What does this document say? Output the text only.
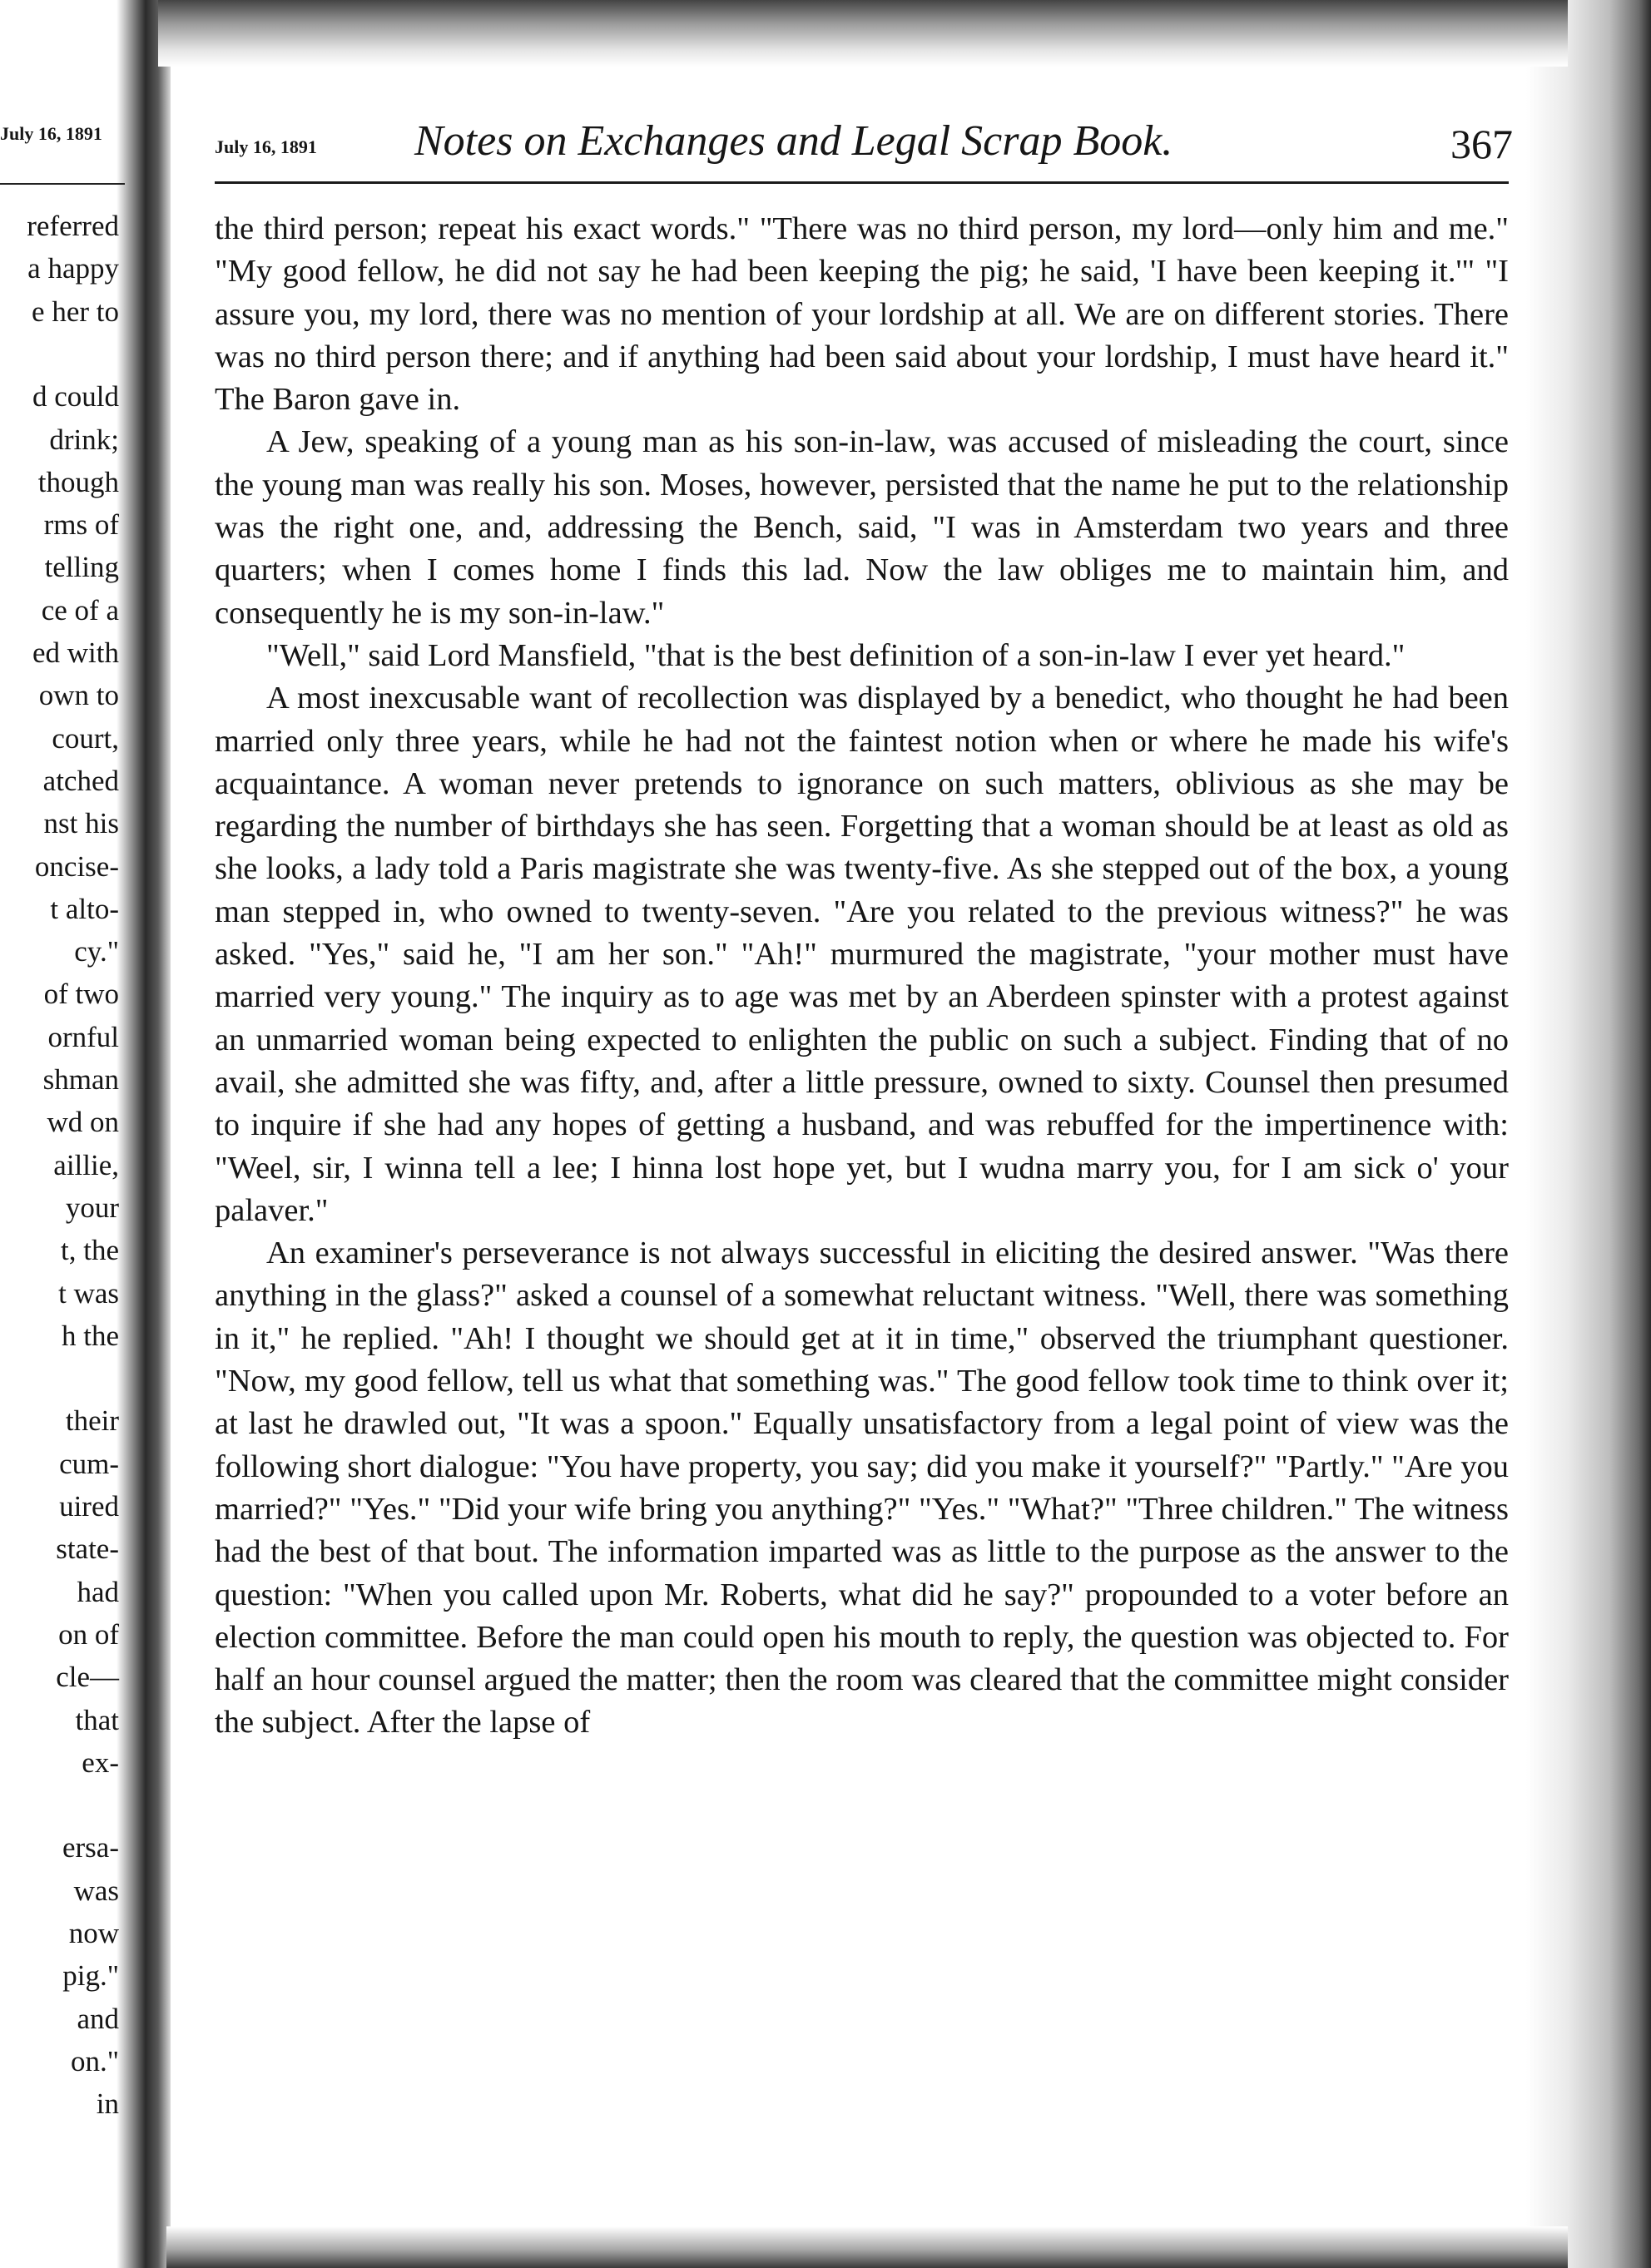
July 16, 1891
referred
a happy
e her to
d could
drink;
though
rms of
telling
ce of a
ed with
own to
court,
atched
nst his
oncise-
t alto-
cy."
of two
ornful
shman
wd on
aillie,
your
t, the
t was
h the
their
cum-
uired
state-
had
on of
cle—
that
ex-
ersa-
was
now
pig."
and
on."
in
July 16, 1891 Notes on Exchanges and Legal Scrap Book.	367

the third person; repeat his exact words." "There was no third person, my lord—only him and me." "My good fellow, he did not say he had been keeping the pig; he said, 'I have been keeping it.'" "I assure you, my lord, there was no mention of your lordship at all. We are on different stories. There was no third person there; and if anything had been said about your lordship, I must have heard it." The Baron gave in.

A Jew, speaking of a young man as his son-in-law, was accused of misleading the court, since the young man was really his son. Moses, however, persisted that the name he put to the relationship was the right one, and, addressing the Bench, said, "I was in Amsterdam two years and three quarters; when I comes home I finds this lad. Now the law obliges me to maintain him, and consequently he is my son-in-law."

"Well," said Lord Mansfield, "that is the best definition of a son-in-law I ever yet heard."

A most inexcusable want of recollection was displayed by a benedict, who thought he had been married only three years, while he had not the faintest notion when or where he made his wife's acquaintance. A woman never pretends to ignorance on such matters, oblivious as she may be regarding the number of birthdays she has seen. Forgetting that a woman should be at least as old as she looks, a lady told a Paris magistrate she was twenty-five. As she stepped out of the box, a young man stepped in, who owned to twenty-seven. "Are you related to the previous witness?" he was asked. "Yes," said he, "I am her son." "Ah!" murmured the magistrate, "your mother must have married very young." The inquiry as to age was met by an Aberdeen spinster with a protest against an unmarried woman being expected to enlighten the public on such a subject. Finding that of no avail, she admitted she was fifty, and, after a little pressure, owned to sixty. Counsel then presumed to inquire if she had any hopes of getting a husband, and was rebuffed for the impertinence with: "Weel, sir, I winna tell a lee; I hinna lost hope yet, but I wudna marry you, for I am sick o' your palaver."

An examiner's perseverance is not always successful in eliciting the desired answer. "Was there anything in the glass?" asked a counsel of a somewhat reluctant witness. "Well, there was something in it," he replied. "Ah! I thought we should get at it in time," observed the triumphant questioner. "Now, my good fellow, tell us what that something was." The good fellow took time to think over it; at last he drawled out, "It was a spoon." Equally unsatisfactory from a legal point of view was the following short dialogue: "You have property, you say; did you make it yourself?" "Partly." "Are you married?" "Yes." "Did your wife bring you anything?" "Yes." "What?" "Three children." The witness had the best of that bout. The information imparted was as little to the purpose as the answer to the question: "When you called upon Mr. Roberts, what did he say?" propounded to a voter before an election committee. Before the man could open his mouth to reply, the question was objected to. For half an hour counsel argued the matter; then the room was cleared that the committee might consider the subject. After the lapse of
